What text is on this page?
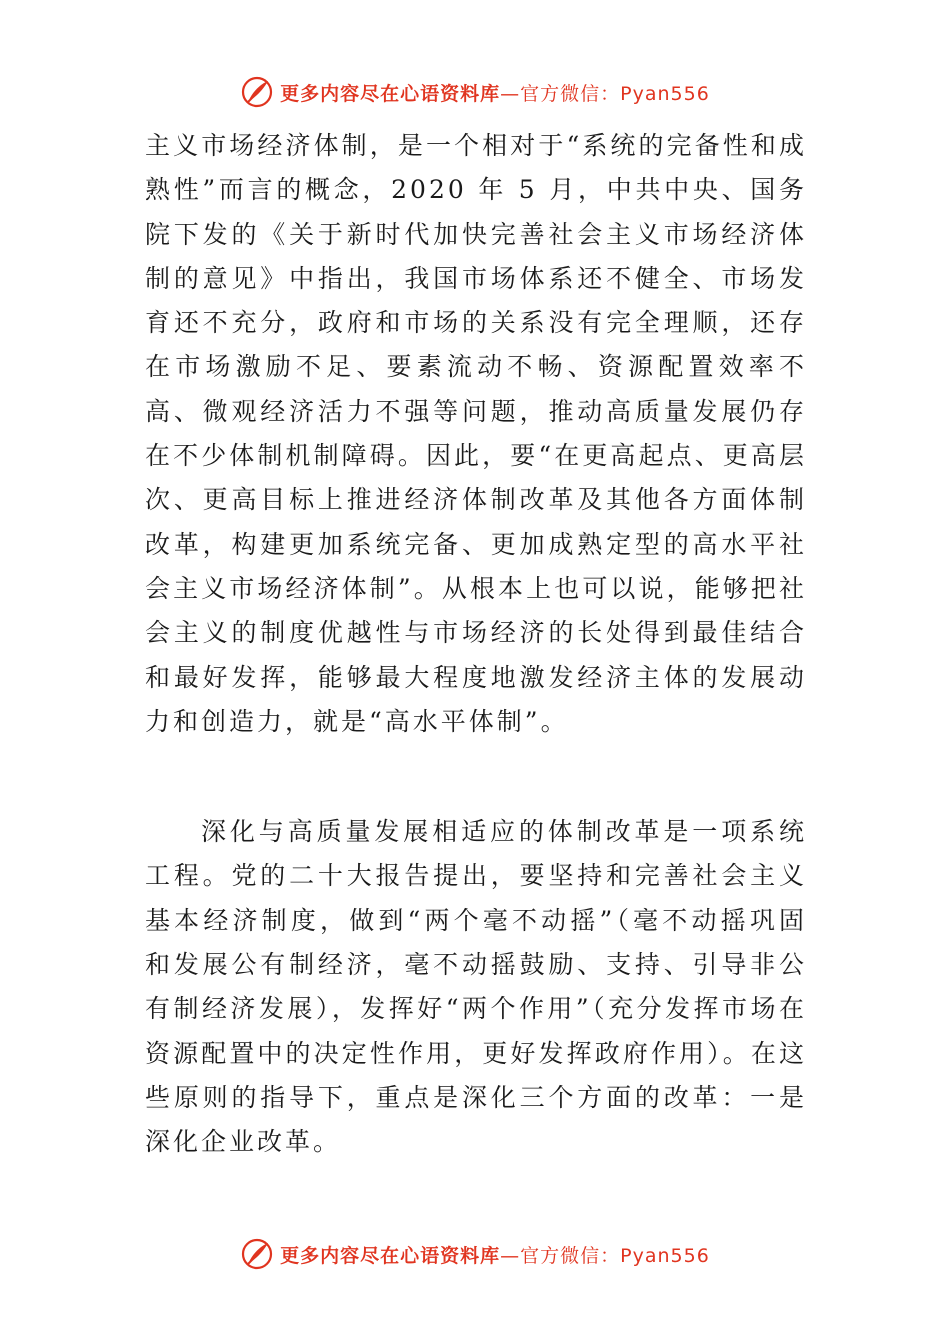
更多内容尽在心语资料库 —官方微信：Pyan556

主义市场经济体制，是一个相对于“系统的完备性和成熟性”而言的概念，2020 年 5 月，中共中央、国务院下发的《关于新时代加快完善社会主义市场经济体制的意见》中指出，我国市场体系还不健全、市场发育还不充分，政府和市场的关系没有完全理顺，还存在市场激励不足、要素流动不畅、资源配置效率不高、微观经济活力不强等问题，推动高质量发展仍存在不少体制机制障碍。因此，要“在更高起点、更高层次、更高目标上推进经济体制改革及其他各方面体制改革，构建更加系统完备、更加成熟定型的高水平社会主义市场经济体制”。从根本上也可以说，能够把社会主义的制度优越性与市场经济的长处得到最佳结合和最好发挥，能够最大程度地激发经济主体的发展动力和创造力，就是“高水平体制”。

深化与高质量发展相适应的体制改革是一项系统工程。党的二十大报告提出，要坚持和完善社会主义基本经济制度，做到“两个毫不动摇”（毫不动摇巩固和发展公有制经济，毫不动摇鼓励、支持、引导非公有制经济发展），发挥好“两个作用”（充分发挥市场在资源配置中的决定性作用，更好发挥政府作用）。在这些原则的指导下，重点是深化三个方面的改革：一是深化企业改革。

更多内容尽在心语资料库 —官方微信：Pyan556
